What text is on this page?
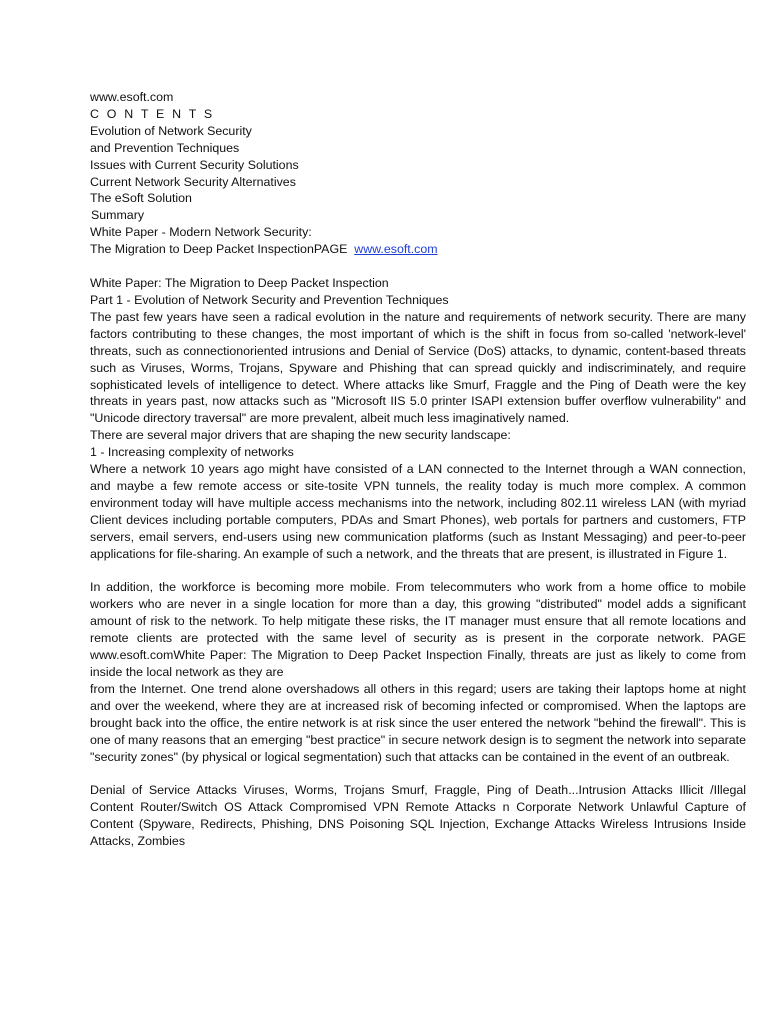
www.esoft.com
C O N T E N T S
Evolution of Network Security
and Prevention Techniques
Issues with Current Security Solutions
Current Network Security Alternatives
The eSoft Solution
Summary
White Paper - Modern Network Security:
The Migration to Deep Packet InspectionPAGE www.esoft.com
White Paper: The Migration to Deep Packet Inspection
Part 1 - Evolution of Network Security and Prevention Techniques

The past few years have seen a radical evolution in the nature and requirements of network security. There are many factors contributing to these changes, the most important of which is the shift in focus from so-called 'network-level' threats, such as connectionoriented intrusions and Denial of Service (DoS) attacks, to dynamic, content-based threats such as Viruses, Worms, Trojans, Spyware and Phishing that can spread quickly and indiscriminately, and require sophisticated levels of intelligence to detect. Where attacks like Smurf, Fraggle and the Ping of Death were the key threats in years past, now attacks such as "Microsoft IIS 5.0 printer ISAPI extension buffer overflow vulnerability" and "Unicode directory traversal" are more prevalent, albeit much less imaginatively named.

There are several major drivers that are shaping the new security landscape:
1 - Increasing complexity of networks

Where a network 10 years ago might have consisted of a LAN connected to the Internet through a WAN connection, and maybe a few remote access or site-tosite VPN tunnels, the reality today is much more complex. A common environment today will have multiple access mechanisms into the network, including 802.11 wireless LAN (with myriad Client devices including portable computers, PDAs and Smart Phones), web portals for partners and customers, FTP servers, email servers, end-users using new communication platforms (such as Instant Messaging) and peer-to-peer applications for file-sharing. An example of such a network, and the threats that are present, is illustrated in Figure 1.

In addition, the workforce is becoming more mobile. From telecommuters who work from a home office to mobile workers who are never in a single location for more than a day, this growing "distributed" model adds a significant amount of risk to the network. To help mitigate these risks, the IT manager must ensure that all remote locations and remote clients are protected with the same level of security as is present in the corporate network. PAGE www.esoft.comWhite Paper: The Migration to Deep Packet Inspection Finally, threats are just as likely to come from inside the local network as they are

from the Internet. One trend alone overshadows all others in this regard; users are taking their laptops home at night and over the weekend, where they are at increased risk of becoming infected or compromised. When the laptops are brought back into the office, the entire network is at risk since the user entered the network "behind the firewall". This is one of many reasons that an emerging "best practice" in secure network design is to segment the network into separate "security zones" (by physical or logical segmentation) such that attacks can be contained in the event of an outbreak.

Denial of Service Attacks Viruses, Worms, Trojans Smurf, Fraggle, Ping of Death...Intrusion Attacks Illicit /Illegal Content Router/Switch OS Attack Compromised VPN Remote Attacks n Corporate Network Unlawful Capture of Content (Spyware, Redirects, Phishing, DNS Poisoning SQL Injection, Exchange Attacks Wireless Intrusions Inside Attacks, Zombies
